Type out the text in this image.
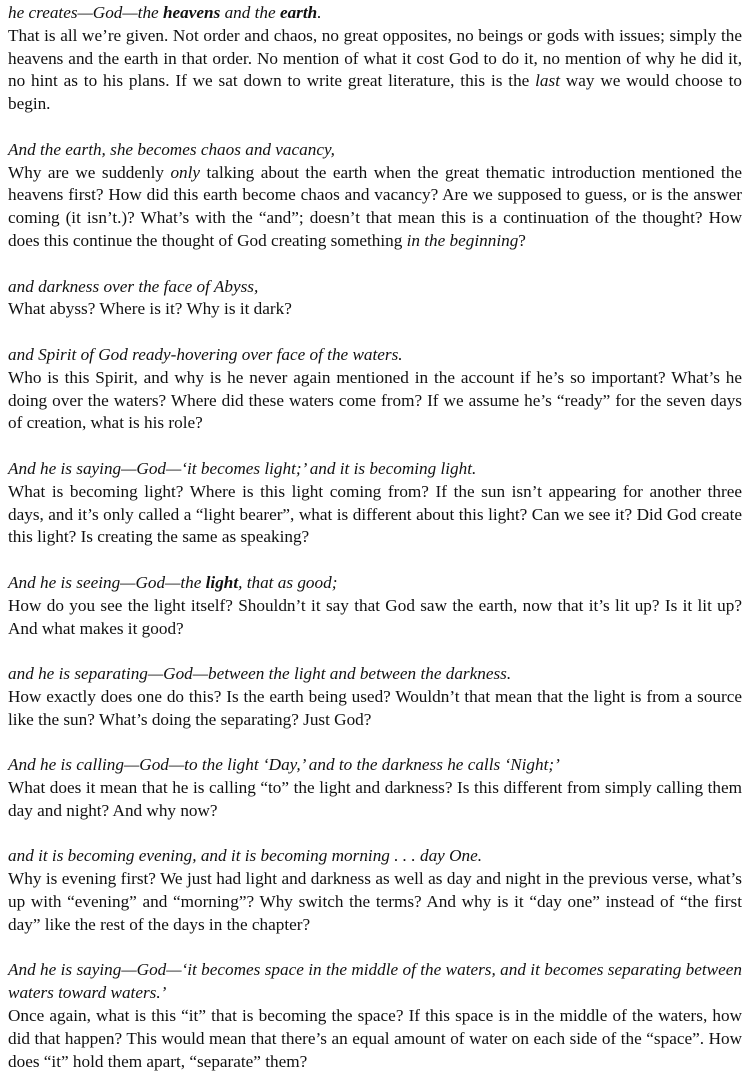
he creates—God—the heavens and the earth.
That is all we’re given. Not order and chaos, no great opposites, no beings or gods with issues; simply the heavens and the earth in that order. No mention of what it cost God to do it, no mention of why he did it, no hint as to his plans. If we sat down to write great literature, this is the last way we would choose to begin.
And the earth, she becomes chaos and vacancy,
Why are we suddenly only talking about the earth when the great thematic introduction mentioned the heavens first? How did this earth become chaos and vacancy? Are we supposed to guess, or is the answer coming (it isn’t.)? What’s with the “and”; doesn’t that mean this is a continuation of the thought? How does this continue the thought of God creating something in the beginning?
and darkness over the face of Abyss,
What abyss? Where is it? Why is it dark?
and Spirit of God ready-hovering over face of the waters.
Who is this Spirit, and why is he never again mentioned in the account if he’s so important? What’s he doing over the waters? Where did these waters come from? If we assume he’s “ready” for the seven days of creation, what is his role?
And he is saying—God—‘it becomes light;’ and it is becoming light.
What is becoming light? Where is this light coming from? If the sun isn’t appearing for another three days, and it’s only called a “light bearer”, what is different about this light? Can we see it? Did God create this light? Is creating the same as speaking?
And he is seeing—God—the light, that as good;
How do you see the light itself? Shouldn’t it say that God saw the earth, now that it’s lit up? Is it lit up? And what makes it good?
and he is separating—God—between the light and between the darkness.
How exactly does one do this? Is the earth being used? Wouldn’t that mean that the light is from a source like the sun? What’s doing the separating? Just God?
And he is calling—God—to the light ‘Day,’ and to the darkness he calls ‘Night;’
What does it mean that he is calling “to” the light and darkness? Is this different from simply calling them day and night? And why now?
and it is becoming evening, and it is becoming morning . . . day One.
Why is evening first? We just had light and darkness as well as day and night in the previous verse, what’s up with “evening” and “morning”? Why switch the terms? And why is it “day one” instead of “the first day” like the rest of the days in the chapter?
And he is saying—God—‘it becomes space in the middle of the waters, and it becomes separating between waters toward waters.’
Once again, what is this “it” that is becoming the space? If this space is in the middle of the waters, how did that happen? This would mean that there’s an equal amount of water on each side of the “space”. How does “it” hold them apart, “separate” them?
